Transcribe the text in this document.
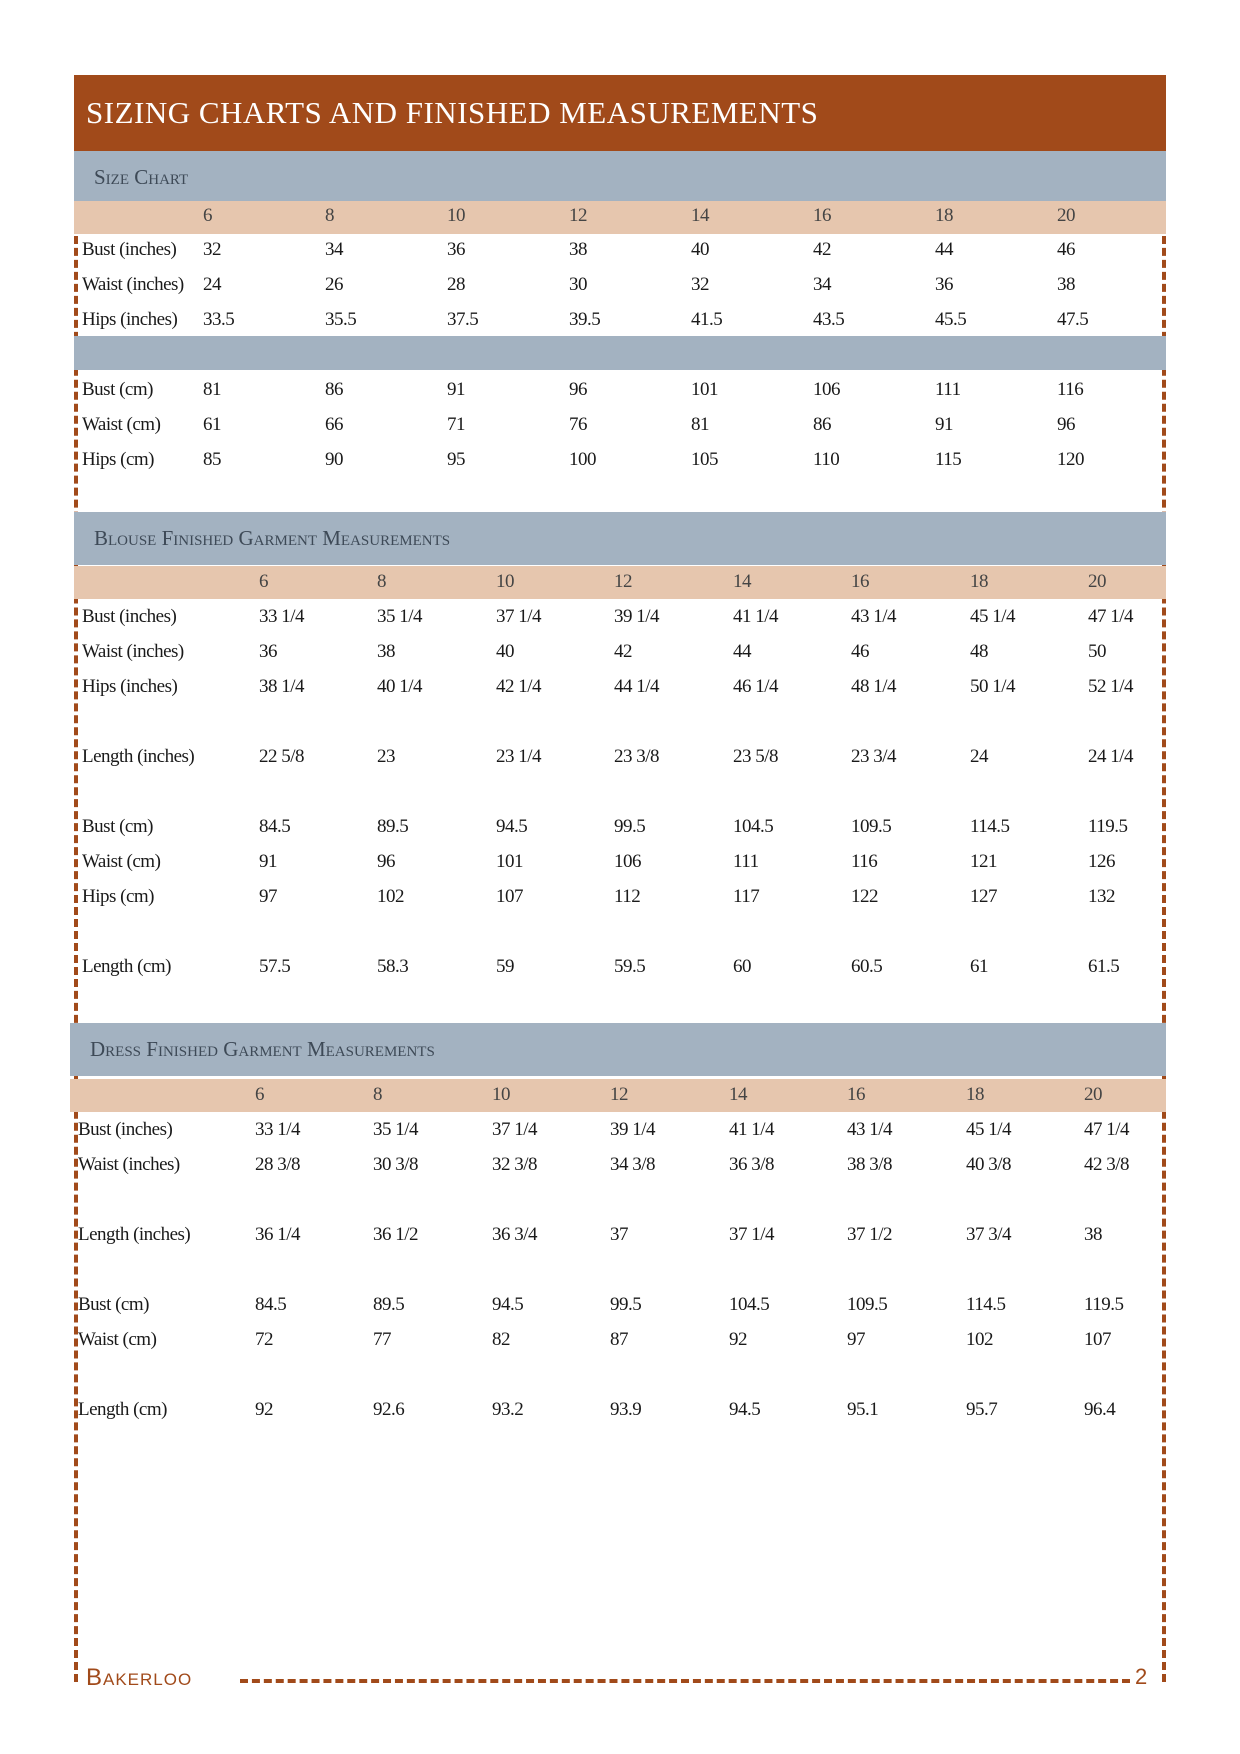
SIZING CHARTS AND FINISHED MEASUREMENTS
Size Chart
6	8	10	12	14	16	18	20
Bust (inches) 32	34	36	38	40	42	44	46
Waist (inches) 24	26	28	30	32	34	36	38
Hips (inches) 33.5	35.5	37.5	39.5	41.5	43.5	45.5	47.5
Bust (cm)	81	86	91	96	101	106	111	116
Waist (cm) 61	66	71	76	81	86	91	96
Hips (cm)	85	90	95	100	105	110	115	120
Blouse Finished Garment Measurements
6	8	10	12	14	16	18	20
Bust (inches)	33 1/4	35 1/4	37 1/4	39 1/4	41 1/4	43 1/4	45 1/4	47 1/4
Waist (inches)	36	38	40	42	44	46	48	50
Hips (inches)	38 1/4	40 1/4	42 1/4	44 1/4	46 1/4	48 1/4	50 1/4	52 1/4
Length (inches)	22 5/8	23	23 1/4	23 3/8	23 5/8	23 3/4	24	24 1/4
Bust (cm)	84.5	89.5	94.5	99.5	104.5	109.5	114.5	119.5
Waist (cm)	91	96	101	106	111	116	121	126
Hips (cm)	97	102	107	112	117	122	127	132
Length (cm)	57.5	58.3	59	59.5	60	60.5	61	61.5
Dress Finished Garment Measurements
6	8	10	12	14	16	18	20
Bust (inches)	33 1/4	35 1/4	37 1/4	39 1/4	41 1/4	43 1/4	45 1/4	47 1/4
Waist (inches)	28 3/8	30 3/8	32 3/8	34 3/8	36 3/8	38 3/8	40 3/8	42 3/8
Length (inches)	36 1/4	36 1/2	36 3/4	37	37 1/4	37 1/2	37 3/4	38
Bust (cm)	84.5	89.5	94.5	99.5	104.5	109.5	114.5	119.5
Waist (cm)	72	77	82	87	92	97	102	107
Length (cm)	92	92.6	93.2	93.9	94.5	95.1	95.7	96.4
Bakerloo	2
